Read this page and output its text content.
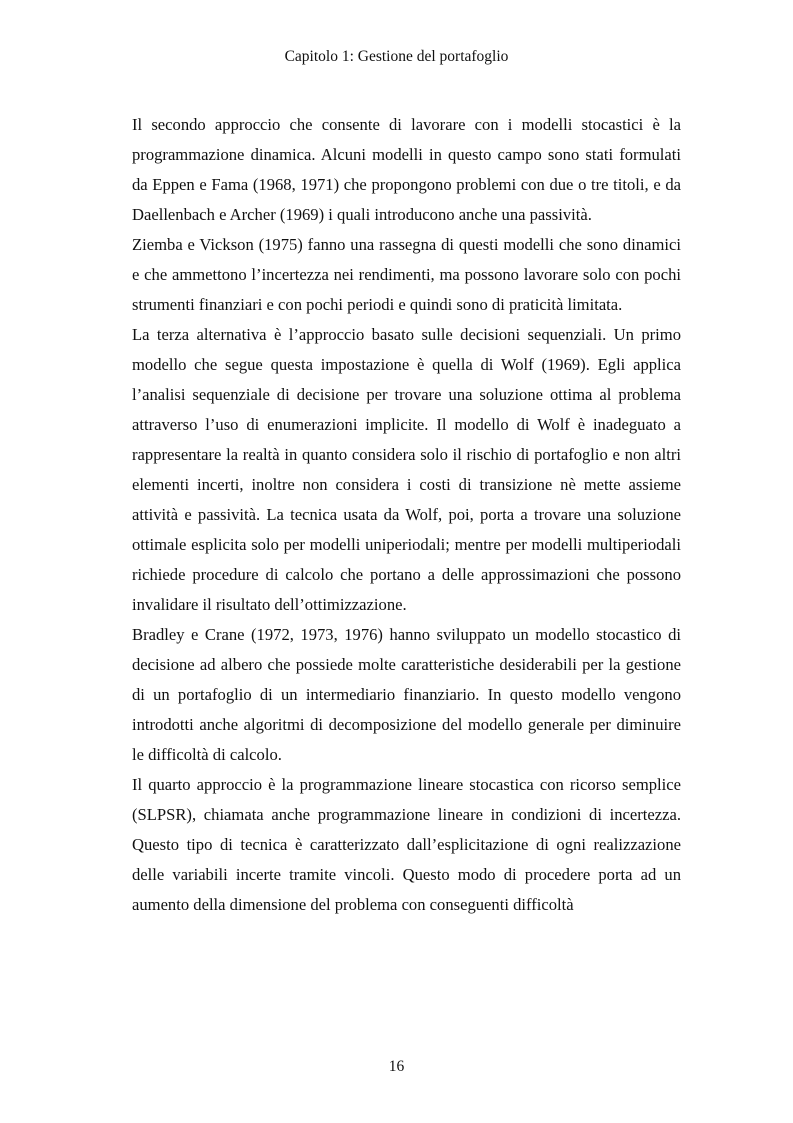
Capitolo 1: Gestione del portafoglio

Il secondo approccio che consente di lavorare con i modelli stocastici è la programmazione dinamica. Alcuni modelli in questo campo sono stati formulati da Eppen e Fama (1968, 1971) che propongono problemi con due o tre titoli, e da Daellenbach e Archer (1969) i quali introducono anche una passività.

Ziemba e Vickson (1975) fanno una rassegna di questi modelli che sono dinamici e che ammettono l’incertezza nei rendimenti, ma possono lavorare solo con pochi strumenti finanziari e con pochi periodi e quindi sono di praticità limitata.

La terza alternativa è l’approccio basato sulle decisioni sequenziali. Un primo modello che segue questa impostazione è quella di Wolf (1969). Egli applica l’analisi sequenziale di decisione per trovare una soluzione ottima al problema attraverso l’uso di enumerazioni implicite. Il modello di Wolf è inadeguato a rappresentare la realtà in quanto considera solo il rischio di portafoglio e non altri elementi incerti, inoltre non considera i costi di transizione nè mette assieme attività e passività. La tecnica usata da Wolf, poi, porta a trovare una soluzione ottimale esplicita solo per modelli uniperiodali; mentre per modelli multiperiodali richiede procedure di calcolo che portano a delle approssimazioni che possono invalidare il risultato dell’ottimizzazione.

Bradley e Crane (1972, 1973, 1976) hanno sviluppato un modello stocastico di decisione ad albero che possiede molte caratteristiche desiderabili per la gestione di un portafoglio di un intermediario finanziario. In questo modello vengono introdotti anche algoritmi di decomposizione del modello generale per diminuire le difficoltà di calcolo.

Il quarto approccio è la programmazione lineare stocastica con ricorso semplice (SLPSR), chiamata anche programmazione lineare in condizioni di incertezza. Questo tipo di tecnica è caratterizzato dall’esplicitazione di ogni realizzazione delle variabili incerte tramite vincoli. Questo modo di procedere porta ad un aumento della dimensione del problema con conseguenti difficoltà

16
